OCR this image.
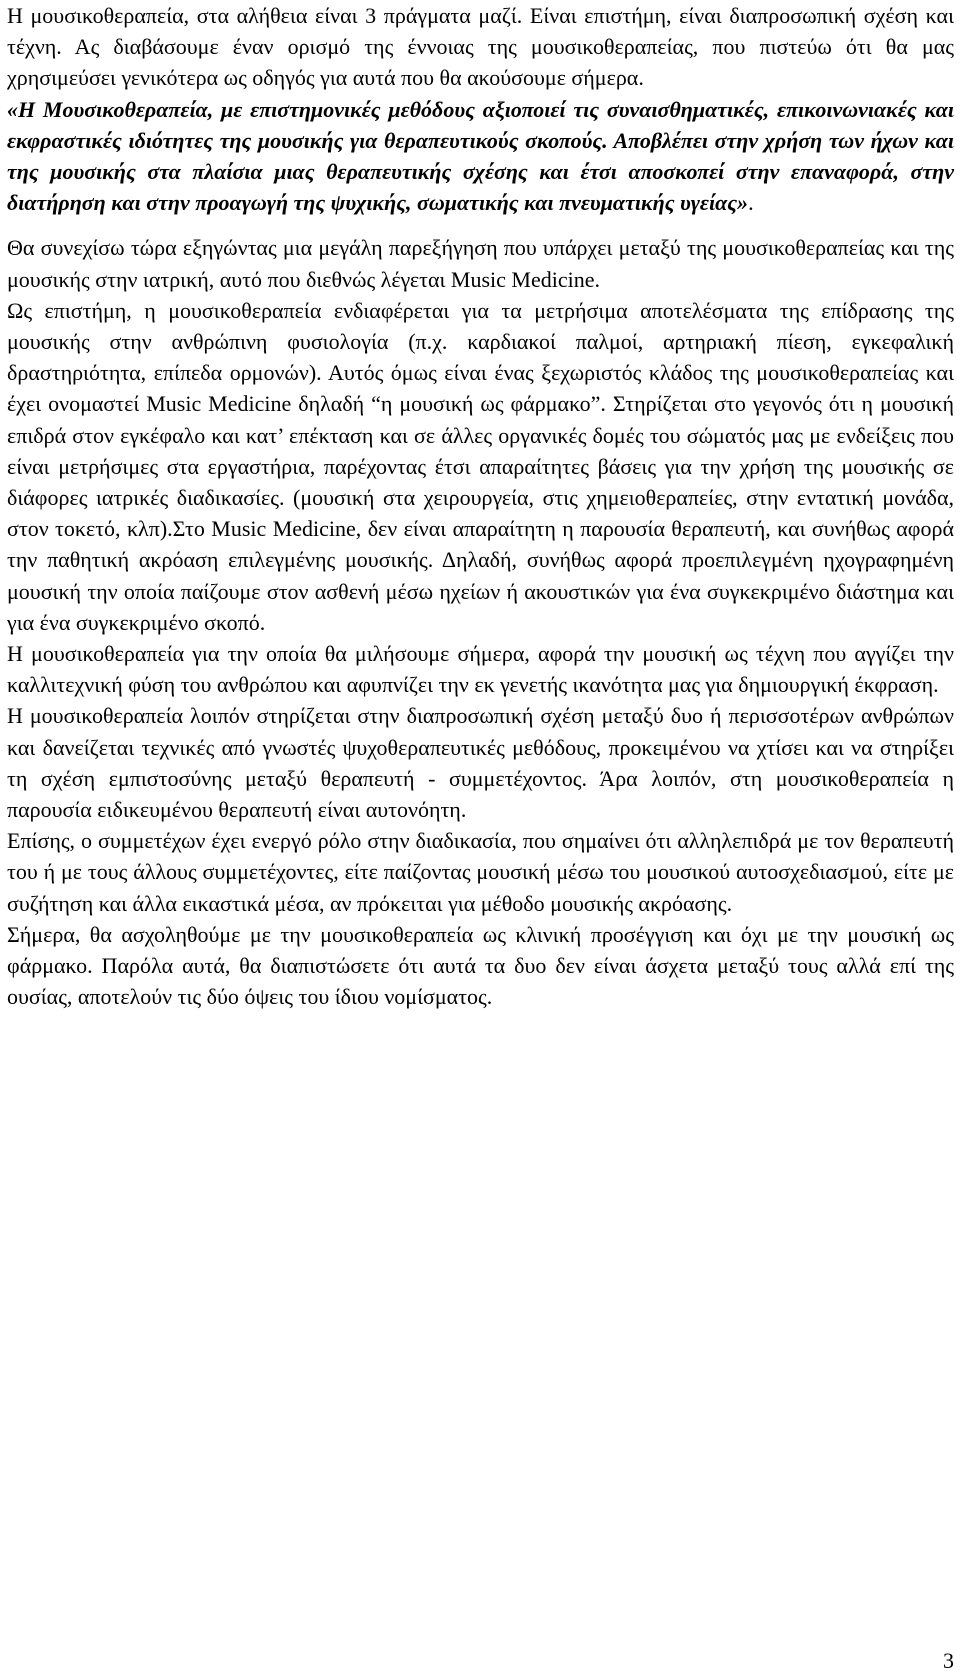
Η μουσικοθεραπεία, στα αλήθεια είναι 3 πράγματα μαζί. Είναι επιστήμη, είναι διαπροσωπική σχέση και τέχνη. Ας διαβάσουμε έναν ορισμό της έννοιας της μουσικοθεραπείας, που πιστεύω ότι θα μας χρησιμεύσει γενικότερα ως οδηγός για αυτά που θα ακούσουμε σήμερα.

«Η Μουσικοθεραπεία, με επιστημονικές μεθόδους αξιοποιεί τις συναισθηματικές, επικοινωνιακές και εκφραστικές ιδιότητες της μουσικής για θεραπευτικούς σκοπούς. Αποβλέπει στην χρήση των ήχων και της μουσικής στα πλαίσια μιας θεραπευτικής σχέσης και έτσι αποσκοπεί στην επαναφορά, στην διατήρηση και στην προαγωγή της ψυχικής, σωματικής και πνευματικής υγείας».

Θα συνεχίσω τώρα εξηγώντας μια μεγάλη παρεξήγηση που υπάρχει μεταξύ της μουσικοθεραπείας και της μουσικής στην ιατρική, αυτό που διεθνώς λέγεται Music Medicine.

Ως επιστήμη, η μουσικοθεραπεία ενδιαφέρεται για τα μετρήσιμα αποτελέσματα της επίδρασης της μουσικής στην ανθρώπινη φυσιολογία (π.χ. καρδιακοί παλμοί, αρτηριακή πίεση, εγκεφαλική δραστηριότητα, επίπεδα ορμονών). Αυτός όμως είναι ένας ξεχωριστός κλάδος της μουσικοθεραπείας και έχει ονομαστεί Music Medicine δηλαδή “η μουσική ως φάρμακο”. Στηρίζεται στο γεγονός ότι η μουσική επιδρά στον εγκέφαλο και κατ’ επέκταση και σε άλλες οργανικές δομές του σώματός μας με ενδείξεις που είναι μετρήσιμες στα εργαστήρια, παρέχοντας έτσι απαραίτητες βάσεις για την χρήση της μουσικής σε διάφορες ιατρικές διαδικασίες. (μουσική στα χειρουργεία, στις χημειοθεραπείες, στην εντατική μονάδα, στον τοκετό, κλπ).Στο Music Medicine, δεν είναι απαραίτητη η παρουσία θεραπευτή, και συνήθως αφορά την παθητική ακρόαση επιλεγμένης μουσικής. Δηλαδή, συνήθως αφορά προεπιλεγμένη ηχογραφημένη μουσική την οποία παίζουμε στον ασθενή μέσω ηχείων ή ακουστικών για ένα συγκεκριμένο διάστημα και για ένα συγκεκριμένο σκοπό.

Η μουσικοθεραπεία για την οποία θα μιλήσουμε σήμερα, αφορά την μουσική ως τέχνη που αγγίζει την καλλιτεχνική φύση του ανθρώπου και αφυπνίζει την εκ γενετής ικανότητα μας για δημιουργική έκφραση.

Η μουσικοθεραπεία λοιπόν στηρίζεται στην διαπροσωπική σχέση μεταξύ δυο ή περισσοτέρων ανθρώπων και δανείζεται τεχνικές από γνωστές ψυχοθεραπευτικές μεθόδους, προκειμένου να χτίσει και να στηρίξει τη σχέση εμπιστοσύνης μεταξύ θεραπευτή - συμμετέχοντος. Άρα λοιπόν, στη μουσικοθεραπεία η παρουσία ειδικευμένου θεραπευτή είναι αυτονόητη.

Επίσης, ο συμμετέχων έχει ενεργό ρόλο στην διαδικασία, που σημαίνει ότι αλληλεπιδρά με τον θεραπευτή του ή με τους άλλους συμμετέχοντες, είτε παίζοντας μουσική μέσω του μουσικού αυτοσχεδιασμού, είτε με συζήτηση και άλλα εικαστικά μέσα, αν πρόκειται για μέθοδο μουσικής ακρόασης.

Σήμερα, θα ασχοληθούμε με την μουσικοθεραπεία ως κλινική προσέγγιση και όχι με την μουσική ως φάρμακο. Παρόλα αυτά, θα διαπιστώσετε ότι αυτά τα δυο δεν είναι άσχετα μεταξύ τους αλλά επί της ουσίας, αποτελούν τις δύο όψεις του ίδιου νομίσματος.

3
